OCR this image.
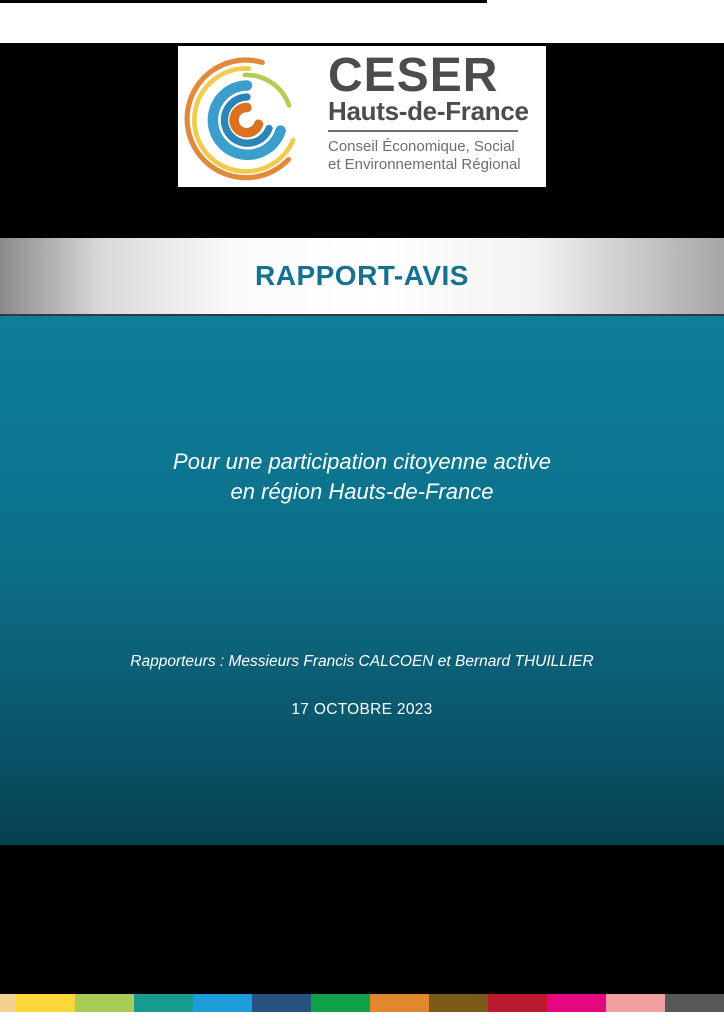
CESER
Hauts-de-France
Conseil Économique, Social
et Environnemental Régional
RAPPORT-AVIS
Pour une participation citoyenne active
en région Hauts-de-France
Rapporteurs : Messieurs Francis CALCOEN et Bernard THUILLIER
17 OCTOBRE 2023
